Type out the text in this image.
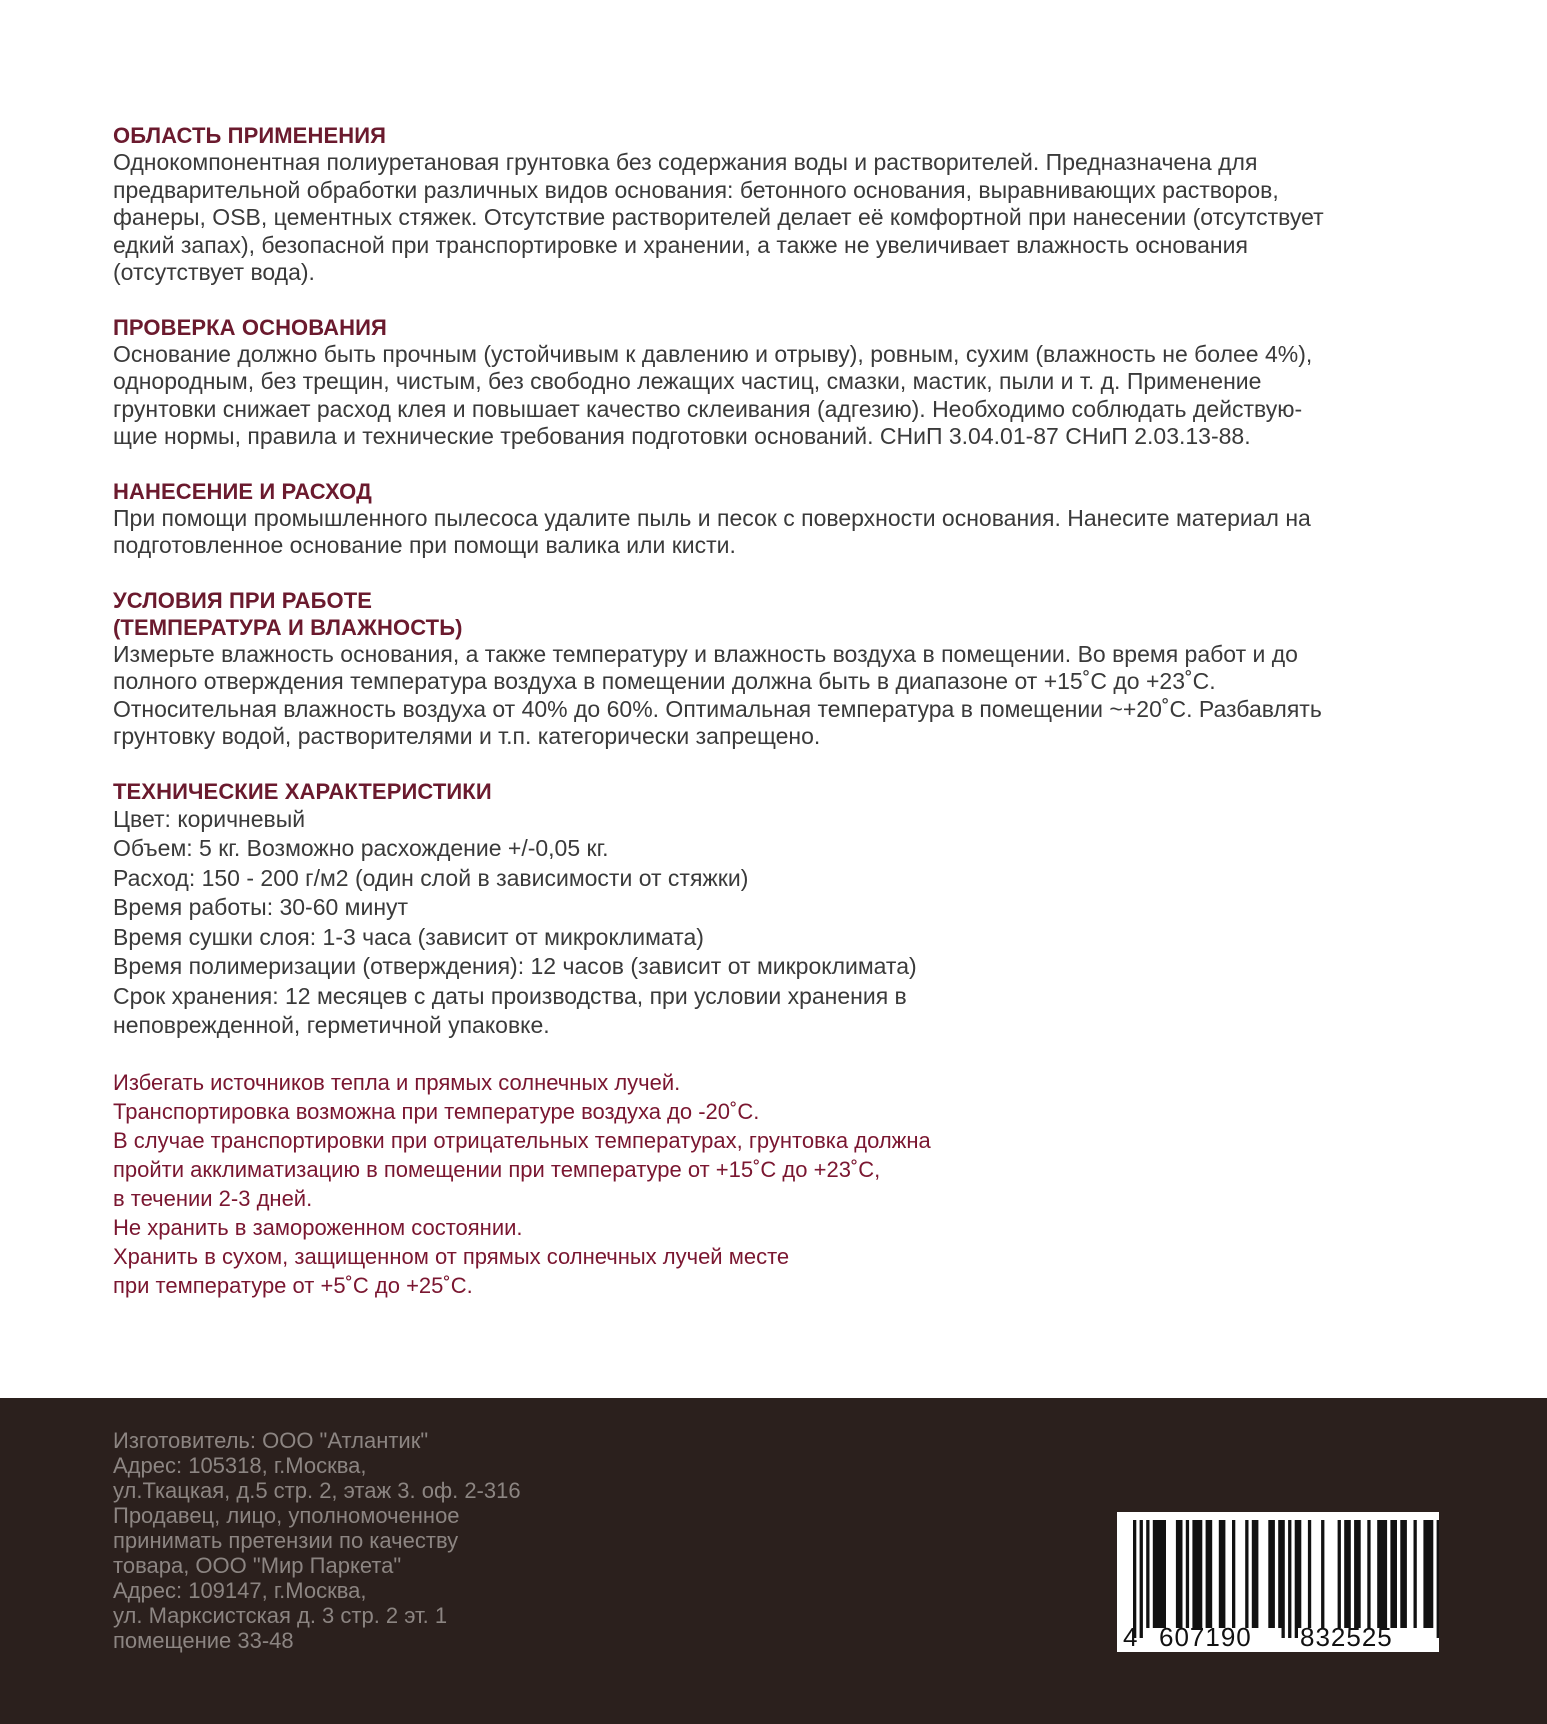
ОБЛАСТЬ ПРИМЕНЕНИЯ
Однокомпонентная полиуретановая грунтовка без содержания воды и растворителей. Предназначена для
предварительной обработки различных видов основания: бетонного основания, выравнивающих растворов,
фанеры, OSB, цементных стяжек. Отсутствие растворителей делает её комфортной при нанесении (отсутствует
едкий запах), безопасной при транспортировке и хранении, а также не увеличивает влажность основания
(отсутствует вода).
ПРОВЕРКА ОСНОВАНИЯ
Основание должно быть прочным (устойчивым к давлению и отрыву), ровным, сухим (влажность не более 4%),
однородным, без трещин, чистым, без свободно лежащих частиц, смазки, мастик, пыли и т. д. Применение
грунтовки снижает расход клея и повышает качество склеивания (адгезию). Необходимо соблюдать действую-
щие нормы, правила и технические требования подготовки оснований. СНиП 3.04.01-87 СНиП 2.03.13-88.
НАНЕСЕНИЕ И РАСХОД
При помощи промышленного пылесоса удалите пыль и песок с поверхности основания. Нанесите материал на
подготовленное основание при помощи валика или кисти.
УСЛОВИЯ ПРИ РАБОТЕ
(ТЕМПЕРАТУРА И ВЛАЖНОСТЬ)
Измерьте влажность основания, а также температуру и влажность воздуха в помещении. Во время работ и до
полного отверждения температура воздуха в помещении должна быть в диапазоне от +15˚С до +23˚С.
Относительная влажность воздуха от 40% до 60%. Оптимальная температура в помещении ~+20˚С. Разбавлять
грунтовку водой, растворителями и т.п. категорически запрещено.
ТЕХНИЧЕСКИЕ ХАРАКТЕРИСТИКИ
Цвет: коричневый
Объем: 5 кг. Возможно расхождение +/-0,05 кг.
Расход: 150 - 200 г/м2 (один слой в зависимости от стяжки)
Время работы: 30-60 минут
Время сушки слоя: 1-3 часа (зависит от микроклимата)
Время полимеризации (отверждения): 12 часов (зависит от микроклимата)
Срок хранения: 12 месяцев с даты производства, при условии хранения в
неповрежденной, герметичной упаковке.
Избегать источников тепла и прямых солнечных лучей.
Транспортировка возможна при температуре воздуха до -20˚С.
В случае транспортировки при отрицательных температурах, грунтовка должна
пройти акклиматизацию в помещении при температуре от +15˚С до +23˚С,
в течении 2-3 дней.
Не хранить в замороженном состоянии.
Хранить в сухом, защищенном от прямых солнечных лучей месте
при температуре от +5˚С до +25˚С.
Изготовитель: ООО "Атлантик"
Адрес: 105318, г.Москва,
ул.Ткацкая, д.5 стр. 2, этаж 3. оф. 2-316
Продавец, лицо, уполномоченное
принимать претензии по качеству
товара, ООО "Мир Паркета"
Адрес: 109147, г.Москва,
ул. Марксистская д. 3 стр. 2 эт. 1
помещение 33-48	4 607190 832525
